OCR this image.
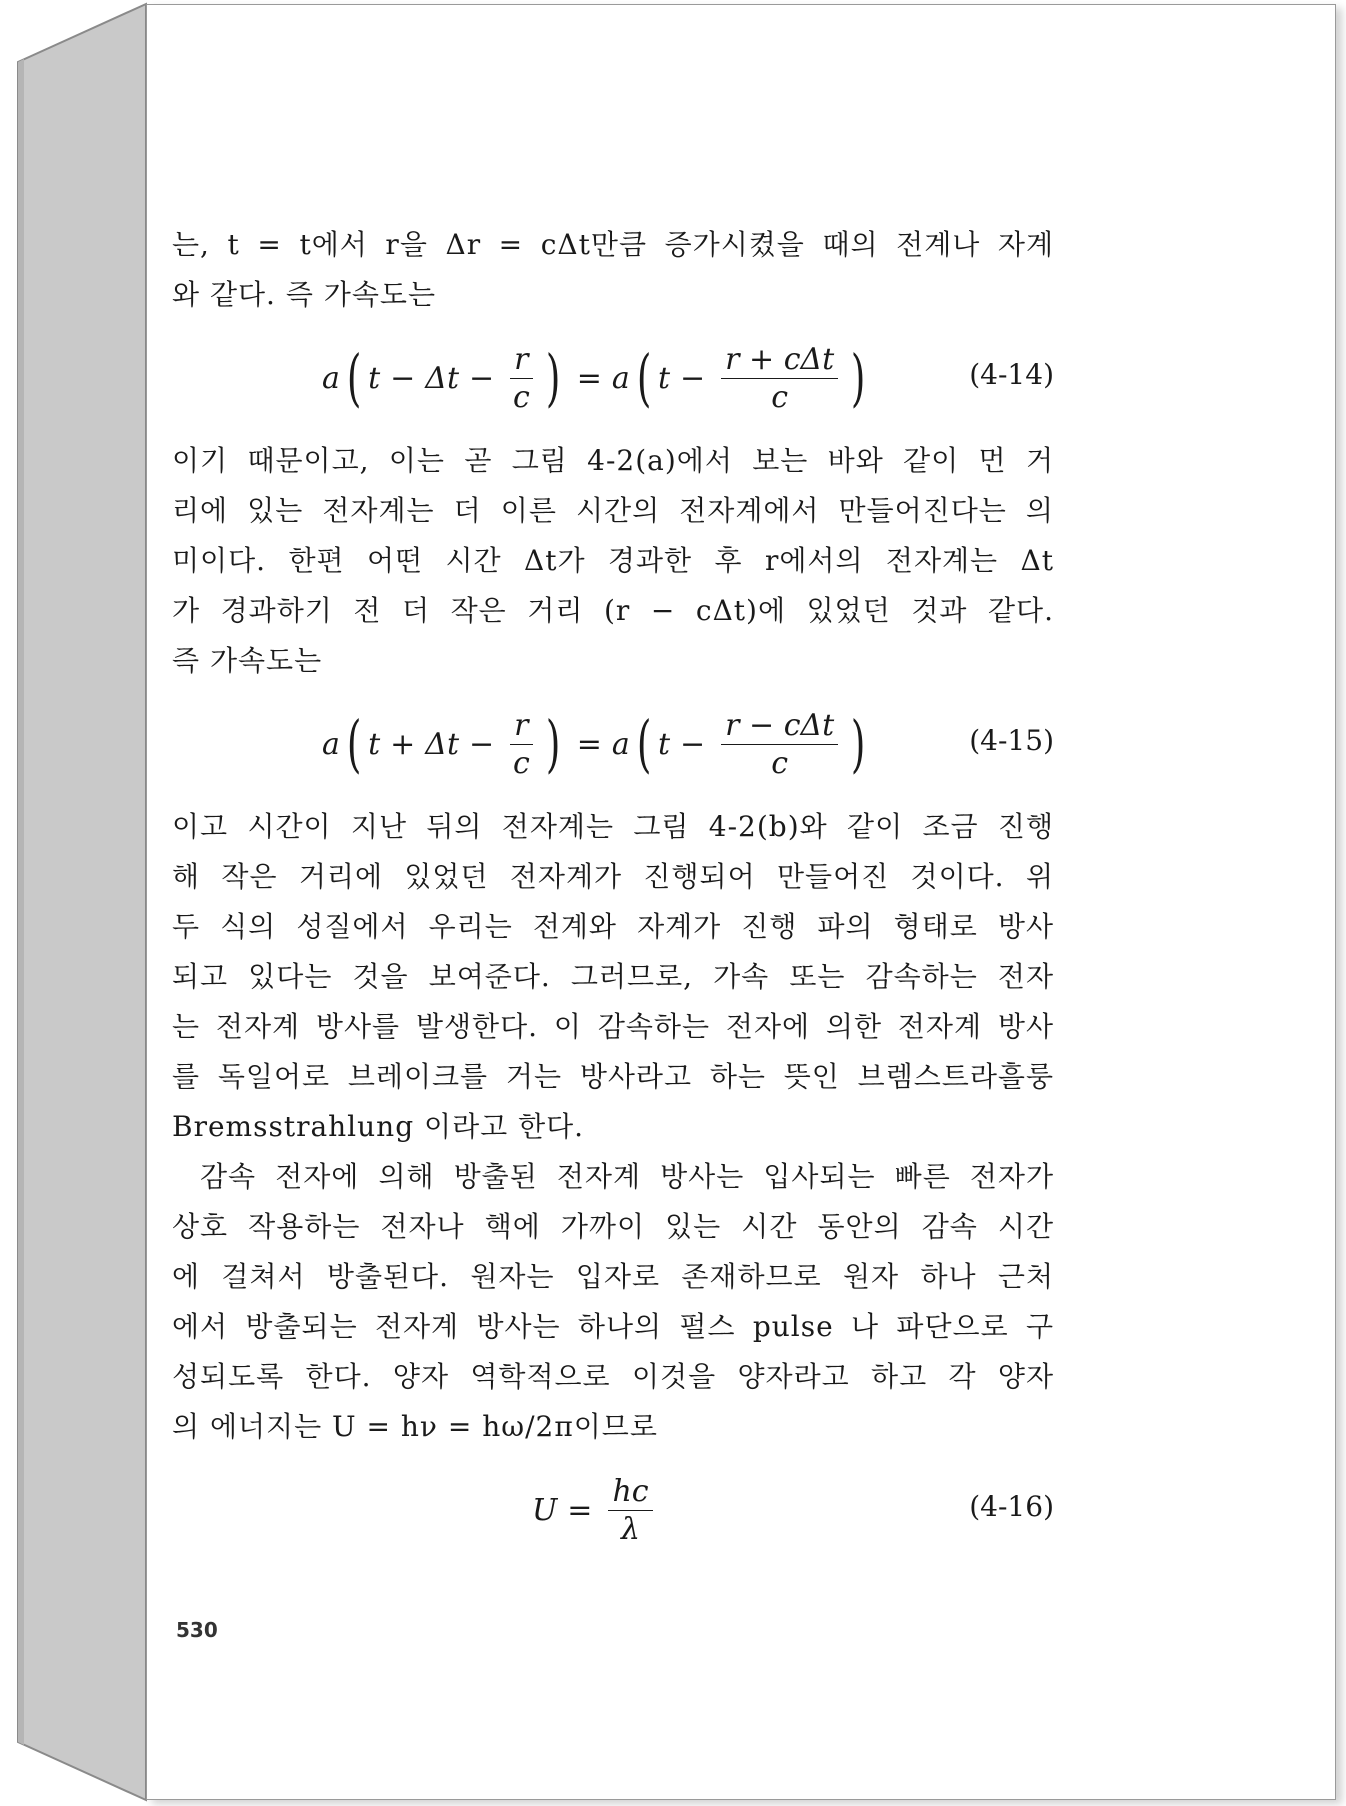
는, t = t에서 r을 Δr = cΔt만큼 증가시켰을 때의 전계나 자계
와 같다. 즉 가속도는
a ( $t - \Delta t - \frac{r}{c}$ ) = a ( $t - \frac{\text{r + cΔt}}{c}$ )	(4-14)
이기 때문이고, 이는 곧 그림 4-2(a)에서 보는 바와 같이 먼 거
리에 있는 전자계는 더 이른 시간의 전자계에서 만들어진다는 의
미이다. 한편 어떤 시간 Δt가 경과한 후 r에서의 전자계는 Δt
가 경과하기 전 더 작은 거리 (r − cΔt)에 있었던 것과 같다.
즉 가속도는
a ( $t + \Delta t - \frac{r}{c}$ ) = a ( $t - \frac{\text{r − cΔt}}{c}$ )	(4-15)
이고 시간이 지난 뒤의 전자계는 그림 4-2(b)와 같이 조금 진행
해 작은 거리에 있었던 전자계가 진행되어 만들어진 것이다. 위
두 식의 성질에서 우리는 전계와 자계가 진행 파의 형태로 방사
되고 있다는 것을 보여준다. 그러므로, 가속 또는 감속하는 전자
는 전자계 방사를 발생한다. 이 감속하는 전자에 의한 전자계 방사
를 독일어로 브레이크를 거는 방사라고 하는 뜻인 브렘스트라흘룽
Bremsstrahlung 이라고 한다.
감속 전자에 의해 방출된 전자계 방사는 입사되는 빠른 전자가
상호 작용하는 전자나 핵에 가까이 있는 시간 동안의 감속 시간
에 걸쳐서 방출된다. 원자는 입자로 존재하므로 원자 하나 근처
에서 방출되는 전자계 방사는 하나의 펄스 pulse 나 파단으로 구
성되도록 한다. 양자 역학적으로 이것을 양자라고 하고 각 양자
의 에너지는 U = hν = hω/2π이므로
$U = \frac{hc}{\lambda}$	(4-16)
530
